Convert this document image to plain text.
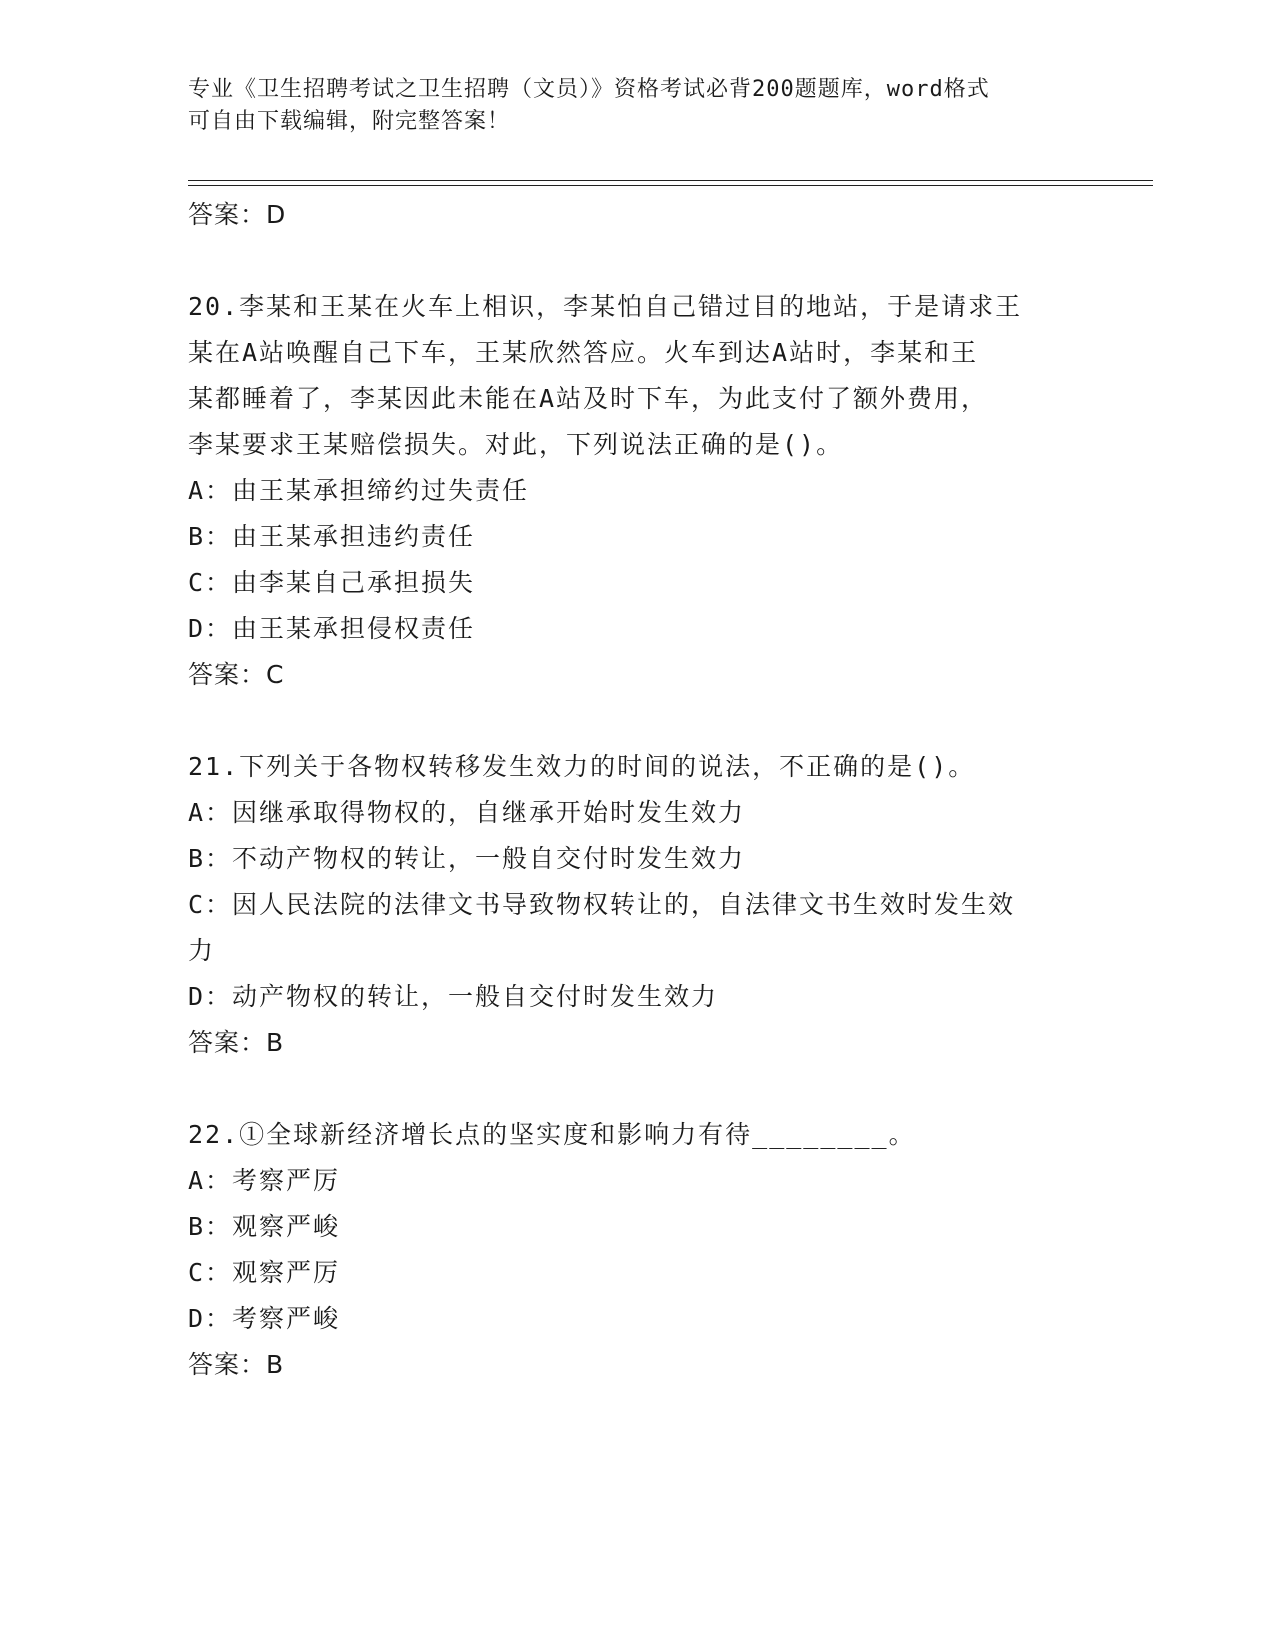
专业《卫生招聘考试之卫生招聘（文员）》资格考试必背200题题库，word格式
可自由下载编辑，附完整答案！

答案：D

20.李某和王某在火车上相识，李某怕自己错过目的地站，于是请求王

某在A站唤醒自己下车，王某欣然答应。火车到达A站时，李某和王

某都睡着了，李某因此未能在A站及时下车，为此支付了额外费用，

李某要求王某赔偿损失。对此，下列说法正确的是()。

A：由王某承担缔约过失责任

B：由王某承担违约责任

C：由李某自己承担损失

D：由王某承担侵权责任

答案：C

21.下列关于各物权转移发生效力的时间的说法，不正确的是()。

A：因继承取得物权的，自继承开始时发生效力

B：不动产物权的转让，一般自交付时发生效力

C：因人民法院的法律文书导致物权转让的，自法律文书生效时发生效

力

D：动产物权的转让，一般自交付时发生效力

答案：B

22.①全球新经济增长点的坚实度和影响力有待________。

A：考察严厉

B：观察严峻

C：观察严厉

D：考察严峻

答案：B
